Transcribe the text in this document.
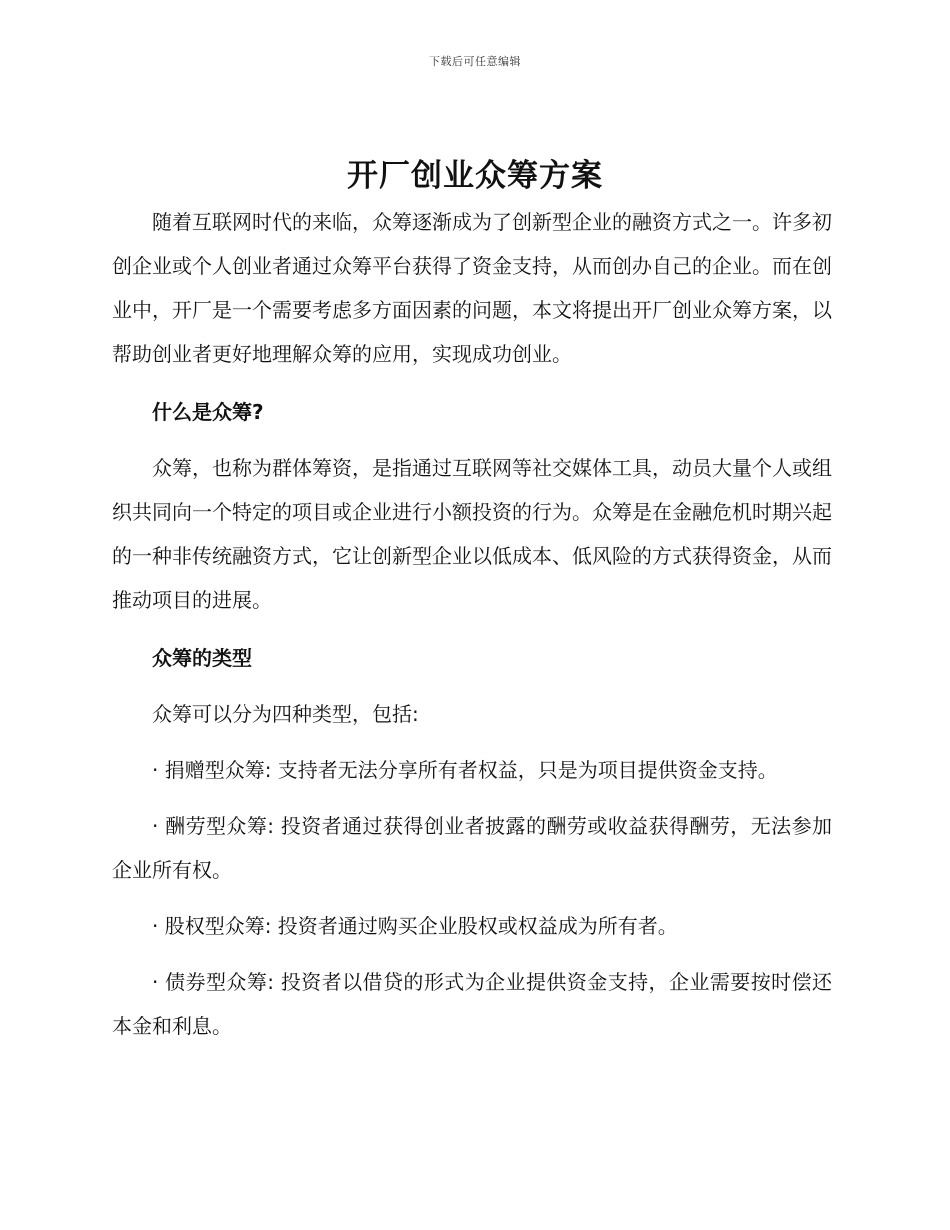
下载后可任意编辑
开厂创业众筹方案

随着互联网时代的来临，众筹逐渐成为了创新型企业的融资方式之一。许多初创企业或个人创业者通过众筹平台获得了资金支持，从而创办自己的企业。而在创业中，开厂是一个需要考虑多方面因素的问题，本文将提出开厂创业众筹方案，以帮助创业者更好地理解众筹的应用，实现成功创业。

什么是众筹?

众筹，也称为群体筹资，是指通过互联网等社交媒体工具，动员大量个人或组织共同向一个特定的项目或企业进行小额投资的行为。众筹是在金融危机时期兴起的一种非传统融资方式，它让创新型企业以低成本、低风险的方式获得资金，从而推动项目的进展。

众筹的类型

众筹可以分为四种类型，包括:

· 捐赠型众筹: 支持者无法分享所有者权益，只是为项目提供资金支持。

· 酬劳型众筹: 投资者通过获得创业者披露的酬劳或收益获得酬劳，无法参加企业所有权。

· 股权型众筹: 投资者通过购买企业股权或权益成为所有者。

· 债券型众筹: 投资者以借贷的形式为企业提供资金支持，企业需要按时偿还本金和利息。
